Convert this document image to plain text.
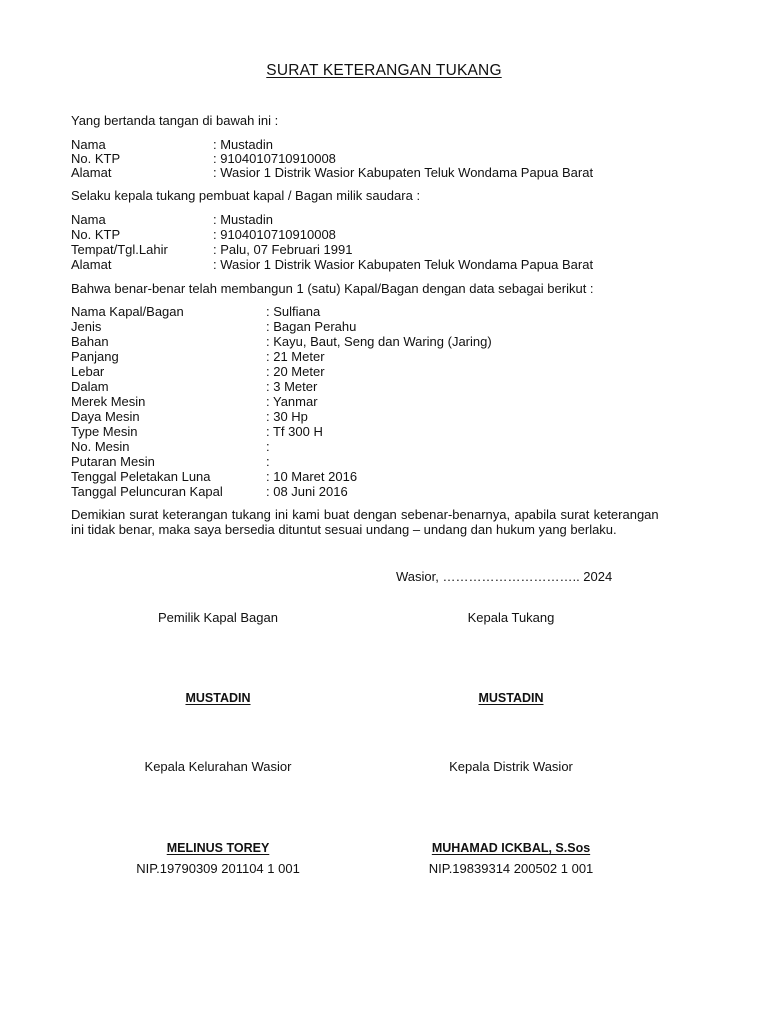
SURAT KETERANGAN TUKANG
Yang bertanda tangan di bawah ini :
Nama	: Mustadin
No. KTP	: 9104010710910008
Alamat	: Wasior 1 Distrik Wasior Kabupaten Teluk Wondama Papua Barat
Selaku kepala tukang pembuat kapal / Bagan milik saudara :
Nama	: Mustadin
No. KTP	: 9104010710910008
Tempat/Tgl.Lahir	: Palu, 07 Februari 1991
Alamat	: Wasior 1 Distrik Wasior Kabupaten Teluk Wondama Papua Barat
Bahwa benar-benar telah membangun 1 (satu) Kapal/Bagan dengan data sebagai berikut :
Nama Kapal/Bagan	: Sulfiana
Jenis	: Bagan Perahu
Bahan	: Kayu, Baut, Seng dan Waring (Jaring)
Panjang	: 21 Meter
Lebar	: 20 Meter
Dalam	: 3 Meter
Merek Mesin	: Yanmar
Daya Mesin	: 30 Hp
Type Mesin	: Tf 300 H
No. Mesin	:
Putaran Mesin	:
Tenggal Peletakan Luna	: 10 Maret 2016
Tanggal Peluncuran Kapal	: 08 Juni 2016
Demikian surat keterangan tukang ini kami buat dengan sebenar-benarnya, apabila surat keterangan
ini tidak benar, maka saya bersedia dituntut sesuai undang – undang dan hukum yang berlaku.
Wasior, ………………………….. 2024
Pemilik Kapal Bagan	Kepala Tukang
MUSTADIN	MUSTADIN
Kepala Kelurahan Wasior	Kepala Distrik Wasior
MELINUS TOREY	MUHAMAD ICKBAL, S.Sos
NIP.19790309 201104 1 001	NIP.19839314 200502 1 001
